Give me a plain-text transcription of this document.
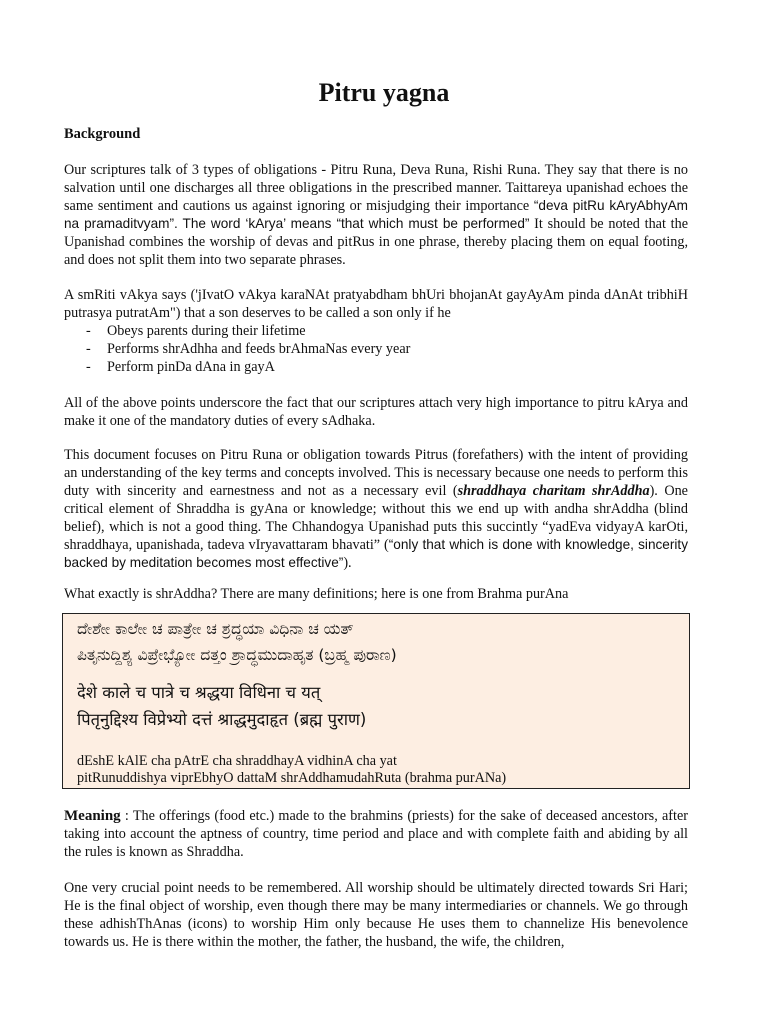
Pitru yagna
Background

Our scriptures talk of 3 types of obligations - Pitru Runa, Deva Runa, Rishi Runa. They say that there is no salvation until one discharges all three obligations in the prescribed manner. Taittareya upanishad echoes the same sentiment and cautions us against ignoring or misjudging their importance “deva pitRu kAryAbhyAm na pramaditvyam”. The word ‘kArya’ means “that which must be performed” It should be noted that the Upanishad combines the worship of devas and pitRus in one phrase, thereby placing them on equal footing, and does not split them into two separate phrases.

A smRiti vAkya says ('jIvatO vAkya karaNAt pratyabdham bhUri bhojanAt gayAyAm pinda dAnAt tribhiH putrasya putratAm") that a son deserves to be called a son only if he

- Obeys parents during their lifetime
- Performs shrAdhha and feeds brAhmaNas every year
- Perform pinDa dAna in gayA

All of the above points underscore the fact that our scriptures attach very high importance to pitru kArya and make it one of the mandatory duties of every sAdhaka.

This document focuses on Pitru Runa or obligation towards Pitrus (forefathers) with the intent of providing an understanding of the key terms and concepts involved. This is necessary because one needs to perform this duty with sincerity and earnestness and not as a necessary evil (shraddhaya charitam shrAddha). One critical element of Shraddha is gyAna or knowledge; without this we end up with andha shrAddha (blind belief), which is not a good thing. The Chhandogya Upanishad puts this succintly “yadEva vidyayA karOti, shraddhaya, upanishada, tadeva vIryavattaram bhavati” (“only that which is done with knowledge, sincerity backed by meditation becomes most effective”).

What exactly is shrAddha? There are many definitions; here is one from Brahma purAna

ದೇಶೇೕ ಕಾಲೇೕ ಚ ಪಾತ್ರೇೕ ಚ ಶ್ರದ್ಧಯಾ ವಿಧಿನಾ ಚ ಯತ್
ಪಿತೃನುದ್ದಿಶ್ಯ ವಿಪ್ರೇಭ್ಯೋೕ ದತ್ತಂ ಶ್ರಾದ್ಧಮುದಾಹೃತ (ಬ್ರಹ್ಮ ಪುರಾಣ)
देशे काले च पात्रे च श्रद्धया विधिना च यत्
पितृनुद्दिश्य विप्रेभ्यो दत्तं श्राद्धमुदाहृत (ब्रह्म पुराण)
dEshE kAlE cha pAtrE cha shraddhayA vidhinA cha yat
pitRunuddishya viprEbhyO dattaM shrAddhamudahRuta (brahma purANa)

Meaning : The offerings (food etc.) made to the brahmins (priests) for the sake of deceased ancestors, after taking into account the aptness of country, time period and place and with complete faith and abiding by all the rules is known as Shraddha.

One very crucial point needs to be remembered. All worship should be ultimately directed towards Sri Hari; He is the final object of worship, even though there may be many intermediaries or channels. We go through these adhishThAnas (icons) to worship Him only because He uses them to channelize His benevolence towards us. He is there within the mother, the father, the husband, the wife, the children,
